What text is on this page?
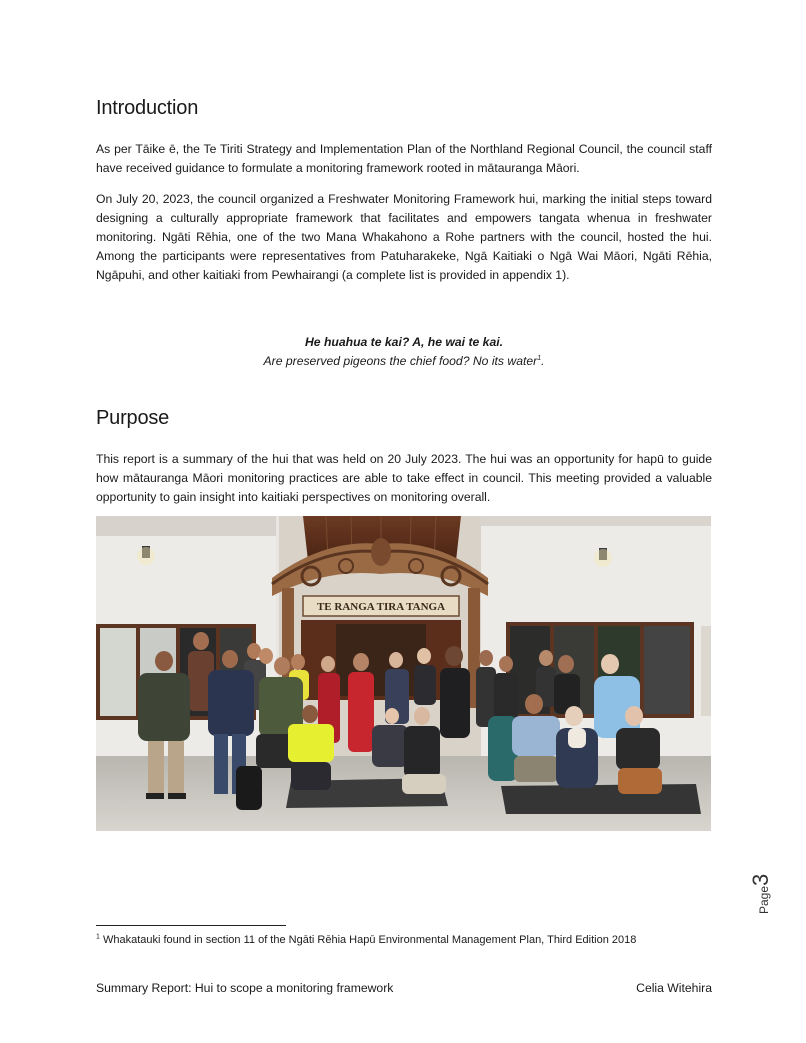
Introduction

As per Tāike ē, the Te Tiriti Strategy and Implementation Plan of the Northland Regional Council, the council staff have received guidance to formulate a monitoring framework rooted in mātauranga Māori.

On July 20, 2023, the council organized a Freshwater Monitoring Framework hui, marking the initial steps toward designing a culturally appropriate framework that facilitates and empowers tangata whenua in freshwater monitoring. Ngāti Rēhia, one of the two Mana Whakahono a Rohe partners with the council, hosted the hui. Among the participants were representatives from Patuharakeke, Ngā Kaitiaki o Ngā Wai Māori, Ngāti Rēhia, Ngāpuhi, and other kaitiaki from Pewhairangi (a complete list is provided in appendix 1).

He huahua te kai? A, he wai te kai.
Are preserved pigeons the chief food? No its water$^1$.
Purpose

This report is a summary of the hui that was held on 20 July 2023. The hui was an opportunity for hapū to guide how mātauranga Māori monitoring practices are able to take effect in council. This meeting provided a valuable opportunity to gain insight into kaitiaki perspectives on monitoring overall.

TE RANGA TIRA TANGA
Page3
$^1$ Whakatauki found in section 11 of the Ngāti Rēhia Hapū Environmental Management Plan, Third Edition 2018
Summary Report: Hui to scope a monitoring framework	Celia Witehira
